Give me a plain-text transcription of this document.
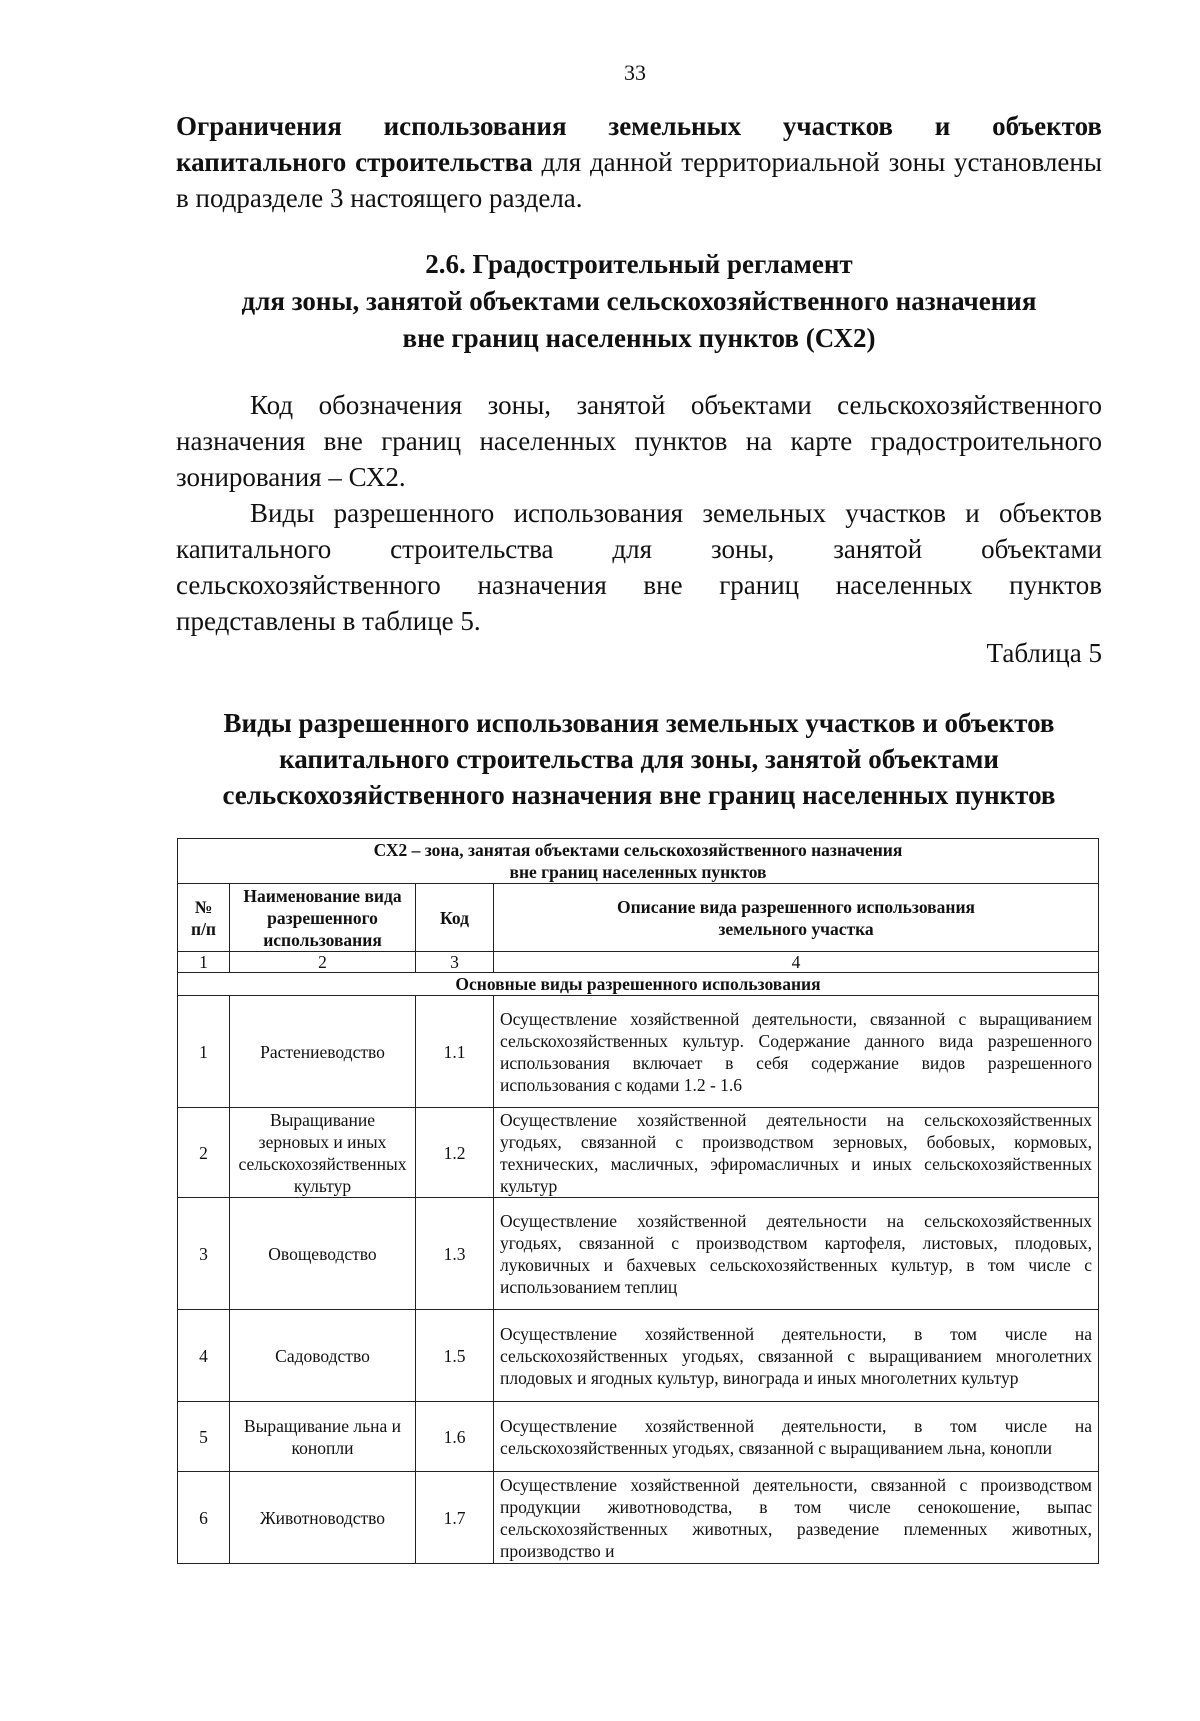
33
Ограничения использования земельных участков и объектов капитального строительства для данной территориальной зоны установлены в подразделе 3 настоящего раздела.
2.6. Градостроительный регламент
для зоны, занятой объектами сельскохозяйственного назначения
вне границ населенных пунктов (СХ2)
Код обозначения зоны, занятой объектами сельскохозяйственного
назначения вне границ населенных пунктов на карте градостроительного
зонирования – СХ2.
Виды разрешенного использования земельных участков и объектов
капитального строительства для зоны, занятой объектами
сельскохозяйственного назначения вне границ населенных пунктов
представлены в таблице 5.
Таблица 5
Виды разрешенного использования земельных участков и объектов
капитального строительства для зоны, занятой объектами
сельскохозяйственного назначения вне границ населенных пунктов
СХ2 – зона, занятая объектами сельскохозяйственного назначения
вне границ населенных пунктов			

№ п/п	Наименование вида разрешенного использования	Код	Описание вида разрешенного использования земельного участка
1	2	3	4
Основные виды разрешенного использования			
1	Растениеводство	1.1	Осуществление хозяйственной деятельности, связанной с выращиванием сельскохозяйственных культур. Содержание данного вида разрешенного использования включает в себя содержание видов разрешенного использования с кодами 1.2 - 1.6
2	Выращивание зерновых и иных сельскохозяйственных культур	1.2	Осуществление хозяйственной деятельности на сельскохозяйственных угодьях, связанной с производством зерновых, бобовых, кормовых, технических, масличных, эфиромасличных и иных сельскохозяйственных культур
3	Овощеводство	1.3	Осуществление хозяйственной деятельности на сельскохозяйственных угодьях, связанной с производством картофеля, листовых, плодовых, луковичных и бахчевых сельскохозяйственных культур, в том числе с использованием теплиц
4	Садоводство	1.5	Осуществление хозяйственной деятельности, в том числе на сельскохозяйственных угодьях, связанной с выращиванием многолетних плодовых и ягодных культур, винограда и иных многолетних культур
5	Выращивание льна и конопли	1.6	Осуществление хозяйственной деятельности, в том числе на сельскохозяйственных угодьях, связанной с выращиванием льна, конопли
6	Животноводство	1.7	Осуществление хозяйственной деятельности, связанной с производством продукции животноводства, в том числе сенокошение, выпас сельскохозяйственных животных, разведение племенных животных, производство и
